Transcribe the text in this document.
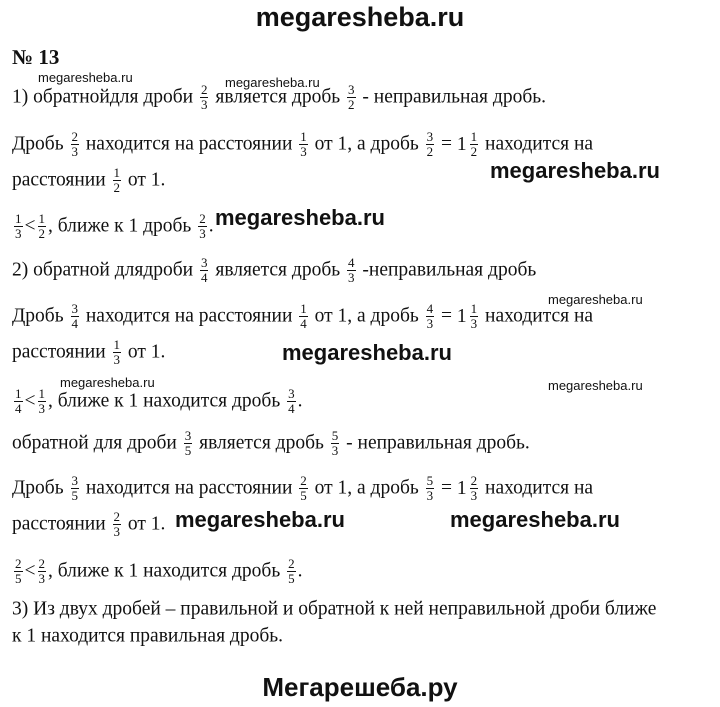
megaresheba.ru
№ 13
megaresheba.ru	megaresheba.ru
megaresheba.ru
megaresheba.ru
megaresheba.ru
megaresheba.ru
megaresheba.ru	megaresheba.ru
megaresheba.ru	megaresheba.ru
1) обратнойдля дроби $\frac{2}{3}$ является дробь $\frac{3}{2}$ - неправильная дробь.
Дробь $\frac{2}{3}$ находится на расстоянии $\frac{1}{3}$ от 1, а дробь $\frac{3}{2} = 1$ 1
2 находится на
расстоянии $\frac{1}{2}$ от 1.
$\frac{1}{3} < \frac{1}{2}$ , ближе к 1 дробь $\frac{2}{3}$ .
2) обратной длядроби $\frac{3}{4}$ является дробь $\frac{4}{3}$ -неправильная дробь
Дробь $\frac{3}{4}$ находится на расстоянии $\frac{1}{4}$ от 1, а дробь $\frac{4}{3} = 1$ 1
3 находится на
расстоянии $\frac{1}{3}$ от 1.
$\frac{1}{4} < \frac{1}{3}$ , ближе к 1 находится дробь $\frac{3}{4}$ .
обратной для дроби $\frac{3}{5}$ является дробь $\frac{5}{3}$ - неправильная дробь.
Дробь $\frac{3}{5}$ находится на расстоянии $\frac{2}{5}$ от 1, а дробь $\frac{5}{3} = 1$ 2
3 находится на
расстоянии $\frac{2}{3}$ от 1.
$\frac{2}{5} < \frac{2}{3}$ , ближе к 1 находится дробь $\frac{2}{5}$ .
3) Из двух дробей – правильной и обратной к ней неправильной дроби ближе
к 1 находится правильная дробь.
Мегарешеба.ру
